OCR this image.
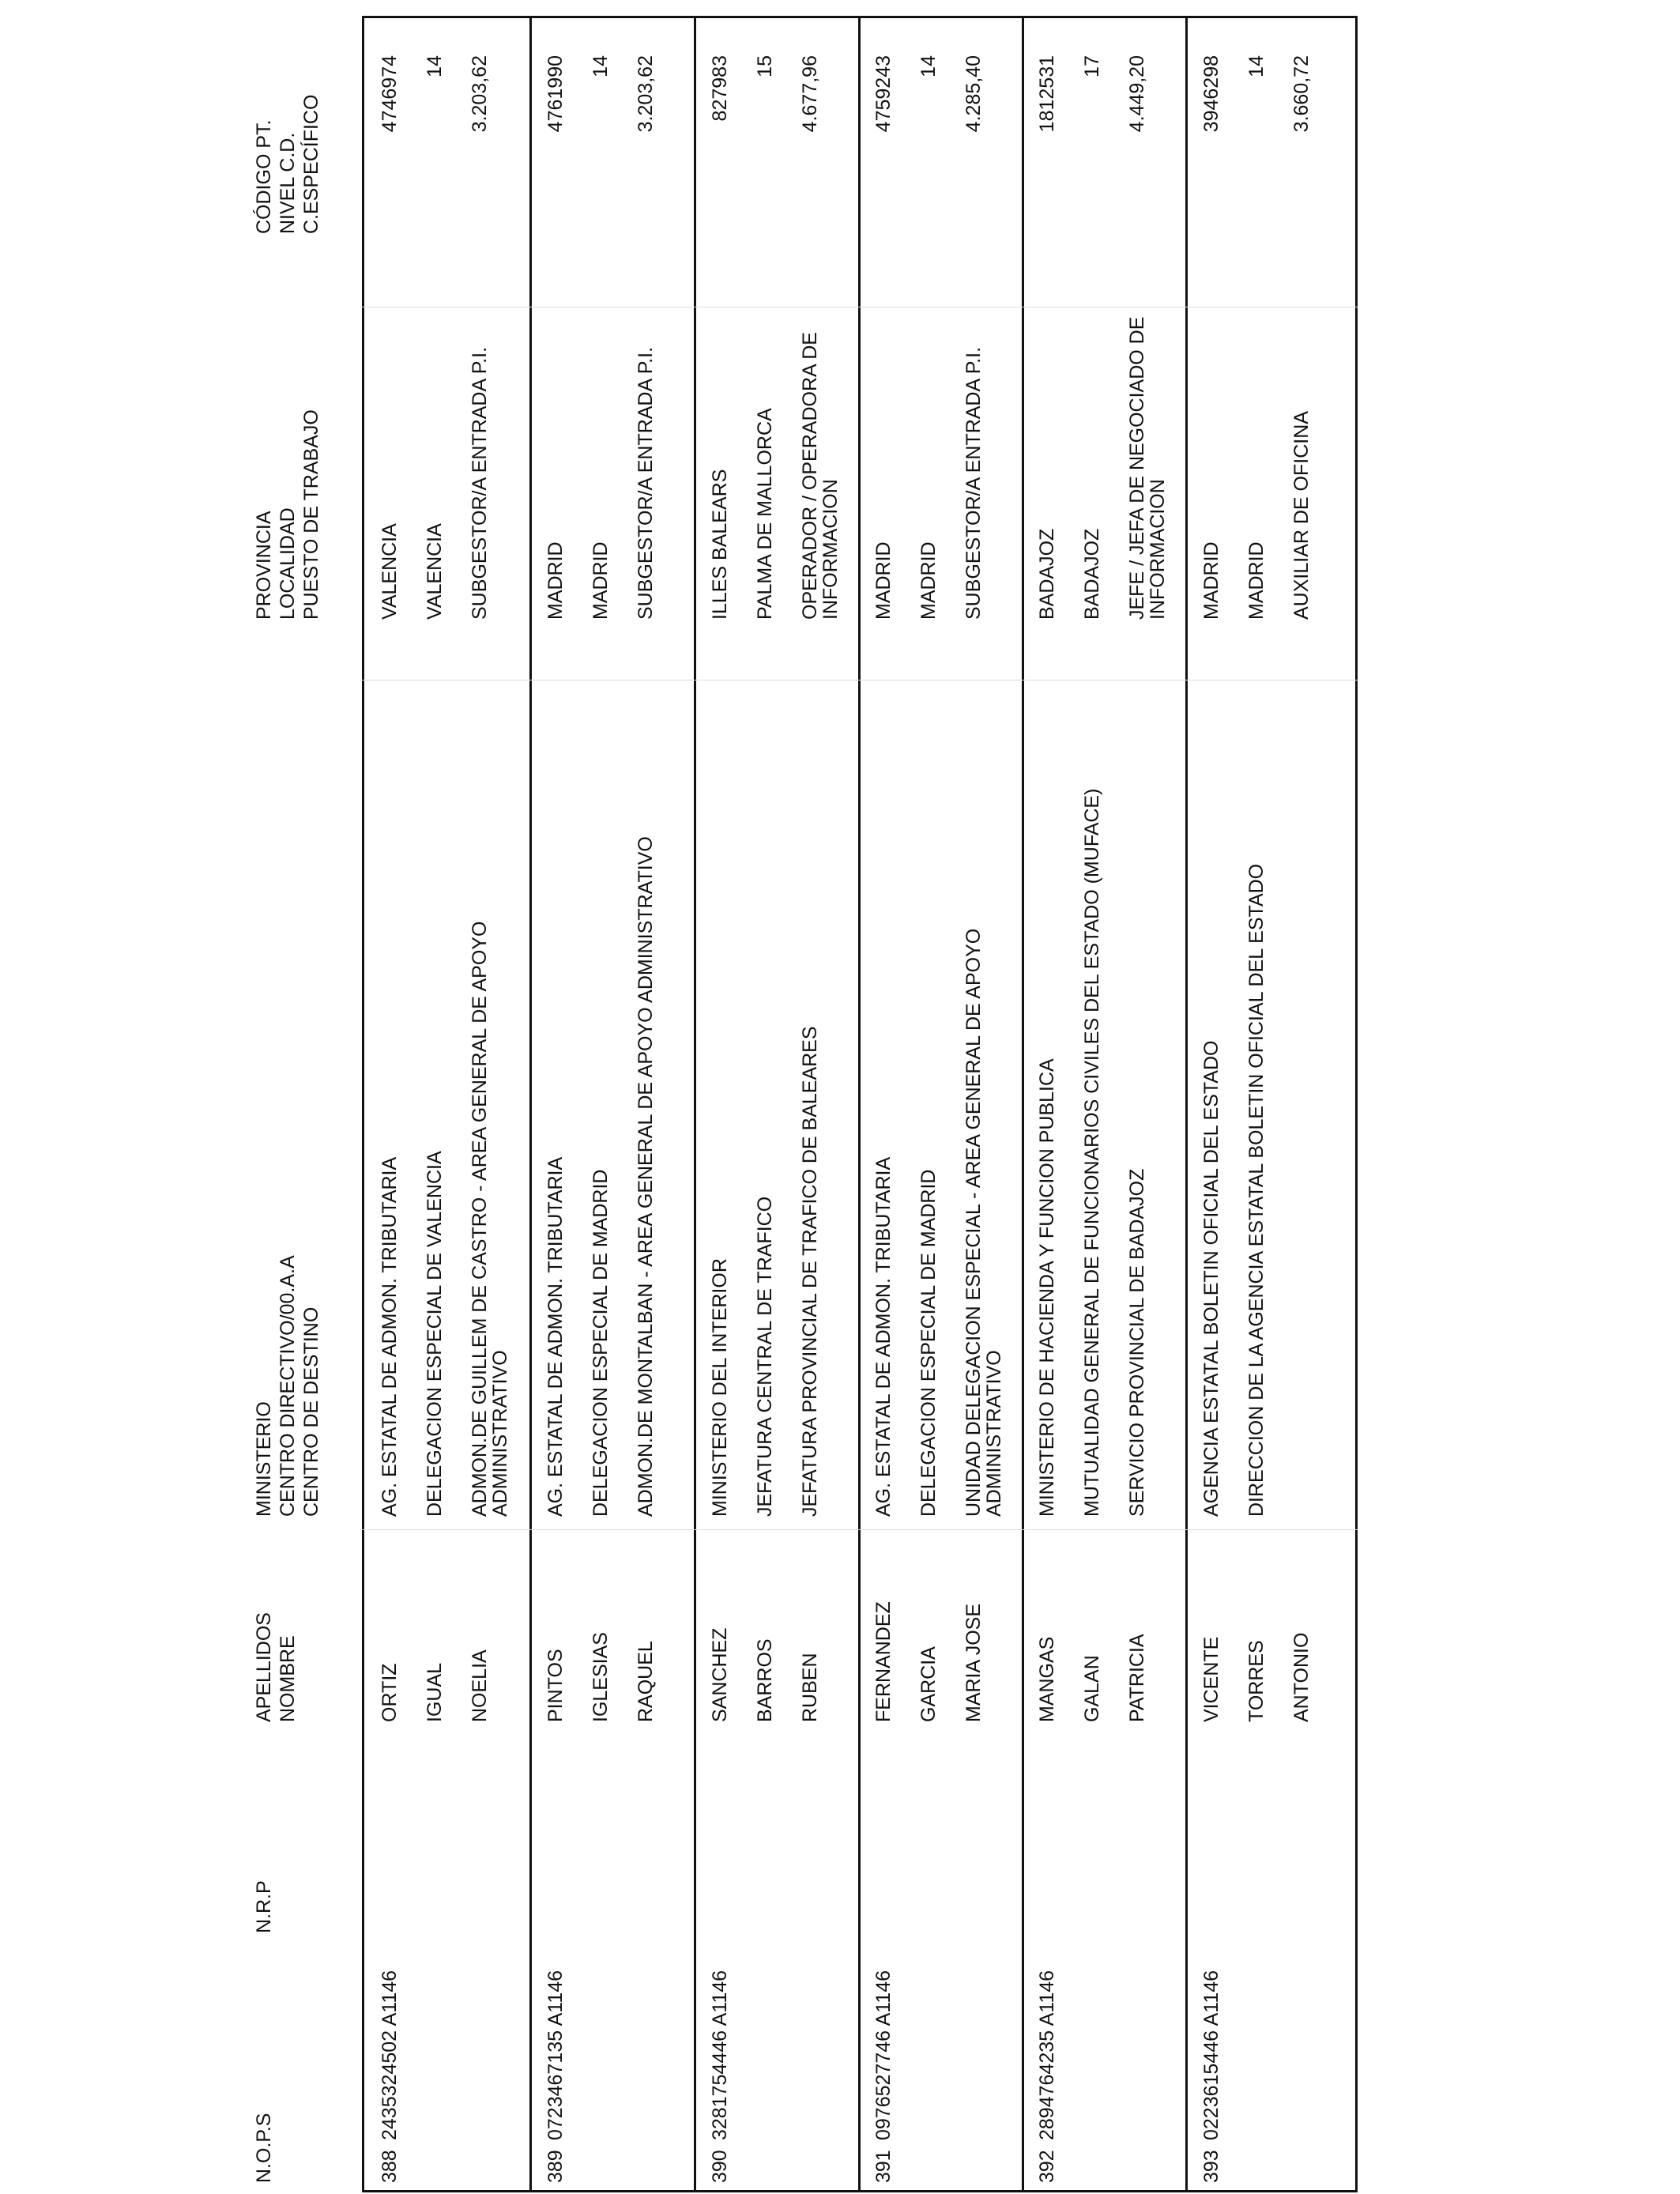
N.O.P.S
N.R.P
APELLIDOS NOMBRE
MINISTERIO CENTRO DIRECTIVO/00.A.A CENTRO DE DESTINO
PROVINCIA LOCALIDAD PUESTO DE TRABAJO
CÓDIGO PT. NIVEL C.D. C.ESPECÍFICO
388
2435324502 A1146
ORTIZ IGUAL NOELIA
AG. ESTATAL DE ADMON. TRIBUTARIA DELEGACION ESPECIAL DE VALENCIA ADMON.DE GUILLEM DE CASTRO - AREA GENERAL DE APOYO
ADMINISTRATIVO
VALENCIA VALENCIA SUBGESTOR/A ENTRADA P.I.
4746974 14 3.203,62
389
0723467135 A1146
PINTOS IGLESIAS RAQUEL
AG. ESTATAL DE ADMON. TRIBUTARIA DELEGACION ESPECIAL DE MADRID ADMON.DE MONTALBAN - AREA GENERAL DE APOYO ADMINISTRATIVO
MADRID MADRID SUBGESTOR/A ENTRADA P.I.
4761990 14 3.203,62
390
3281754446 A1146
SANCHEZ BARROS RUBEN
MINISTERIO DEL INTERIOR JEFATURA CENTRAL DE TRAFICO JEFATURA PROVINCIAL DE TRAFICO DE BALEARES
ILLES BALEARS PALMA DE MALLORCA OPERADOR / OPERADORA DE
INFORMACION
827983 15 4.677,96
391
0976527746 A1146
FERNANDEZ GARCIA MARIA JOSE
AG. ESTATAL DE ADMON. TRIBUTARIA DELEGACION ESPECIAL DE MADRID UNIDAD DELEGACION ESPECIAL - AREA GENERAL DE APOYO
ADMINISTRATIVO
MADRID MADRID SUBGESTOR/A ENTRADA P.I.
4759243 14 4.285,40
392
2894764235 A1146
MANGAS GALAN PATRICIA
MINISTERIO DE HACIENDA Y FUNCION PUBLICA MUTUALIDAD GENERAL DE FUNCIONARIOS CIVILES DEL ESTADO (MUFACE) SERVICIO PROVINCIAL DE BADAJOZ
BADAJOZ BADAJOZ JEFE / JEFA DE NEGOCIADO DE
INFORMACION
1812531 17 4.449,20
393
0223615446 A1146
VICENTE TORRES ANTONIO
AGENCIA ESTATAL BOLETIN OFICIAL DEL ESTADO DIRECCION DE LA AGENCIA ESTATAL BOLETIN OFICIAL DEL ESTADO
MADRID MADRID AUXILIAR DE OFICINA
3946298 14 3.660,72
